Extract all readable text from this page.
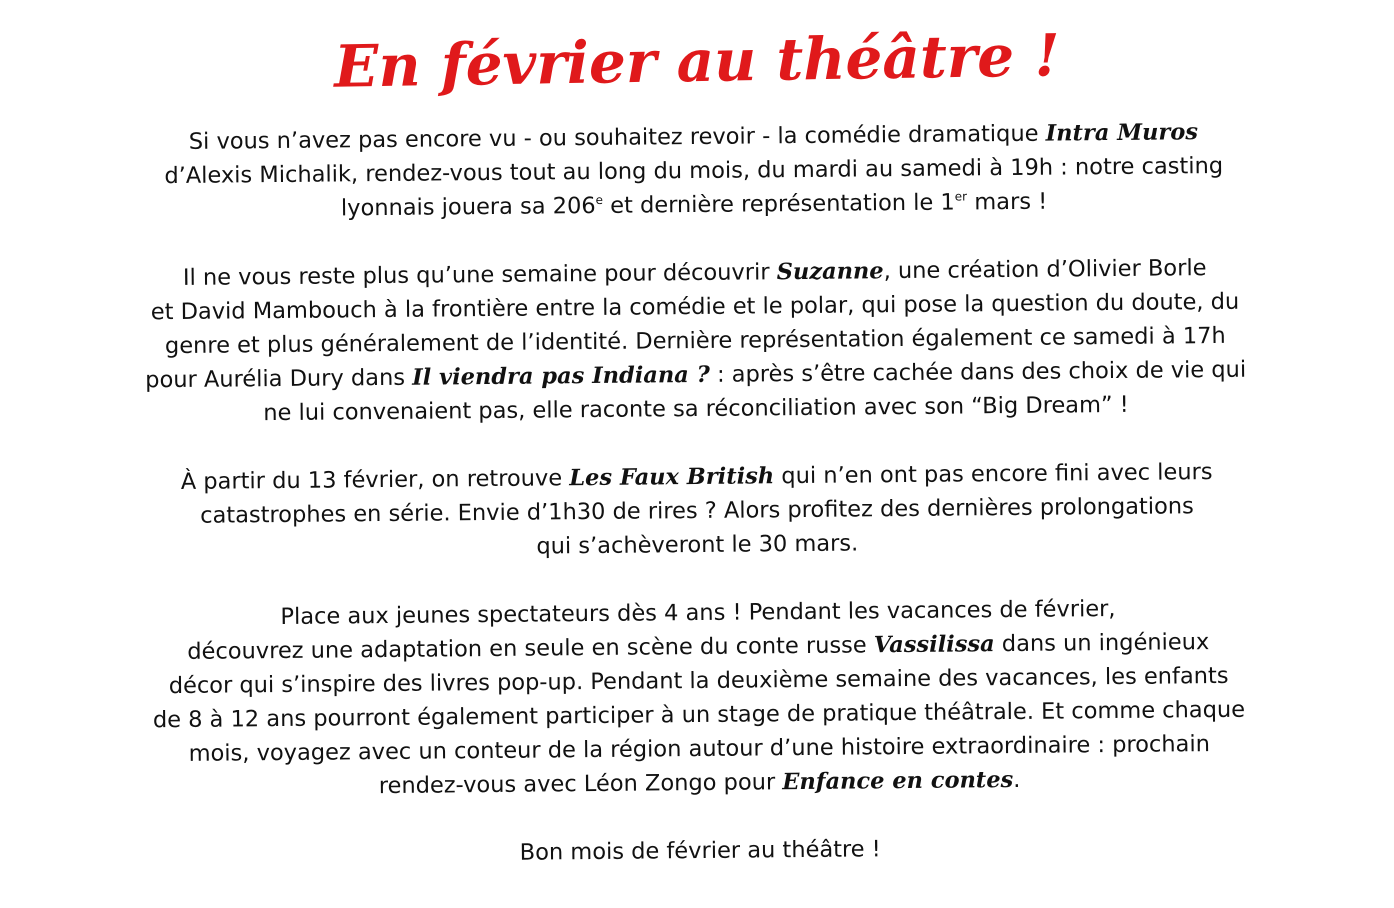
En février au théâtre !

Si vous n’avez pas encore vu - ou souhaitez revoir - la comédie dramatique Intra Muros
d’Alexis Michalik, rendez-vous tout au long du mois, du mardi au samedi à 19h : notre casting
lyonnais jouera sa 206e et dernière représentation le 1er mars !

Il ne vous reste plus qu’une semaine pour découvrir Suzanne, une création d’Olivier Borle
et David Mambouch à la frontière entre la comédie et le polar, qui pose la question du doute, du
genre et plus généralement de l’identité. Dernière représentation également ce samedi à 17h
pour Aurélia Dury dans Il viendra pas Indiana ? : après s’être cachée dans des choix de vie qui
ne lui convenaient pas, elle raconte sa réconciliation avec son “Big Dream” !

À partir du 13 février, on retrouve Les Faux British qui n’en ont pas encore fini avec leurs
catastrophes en série. Envie d’1h30 de rires ? Alors profitez des dernières prolongations
qui s’achèveront le 30 mars.

Place aux jeunes spectateurs dès 4 ans ! Pendant les vacances de février,
découvrez une adaptation en seule en scène du conte russe Vassilissa dans un ingénieux
décor qui s’inspire des livres pop-up. Pendant la deuxième semaine des vacances, les enfants
de 8 à 12 ans pourront également participer à un stage de pratique théâtrale. Et comme chaque
mois, voyagez avec un conteur de la région autour d’une histoire extraordinaire : prochain
rendez-vous avec Léon Zongo pour Enfance en contes.

Bon mois de février au théâtre !
